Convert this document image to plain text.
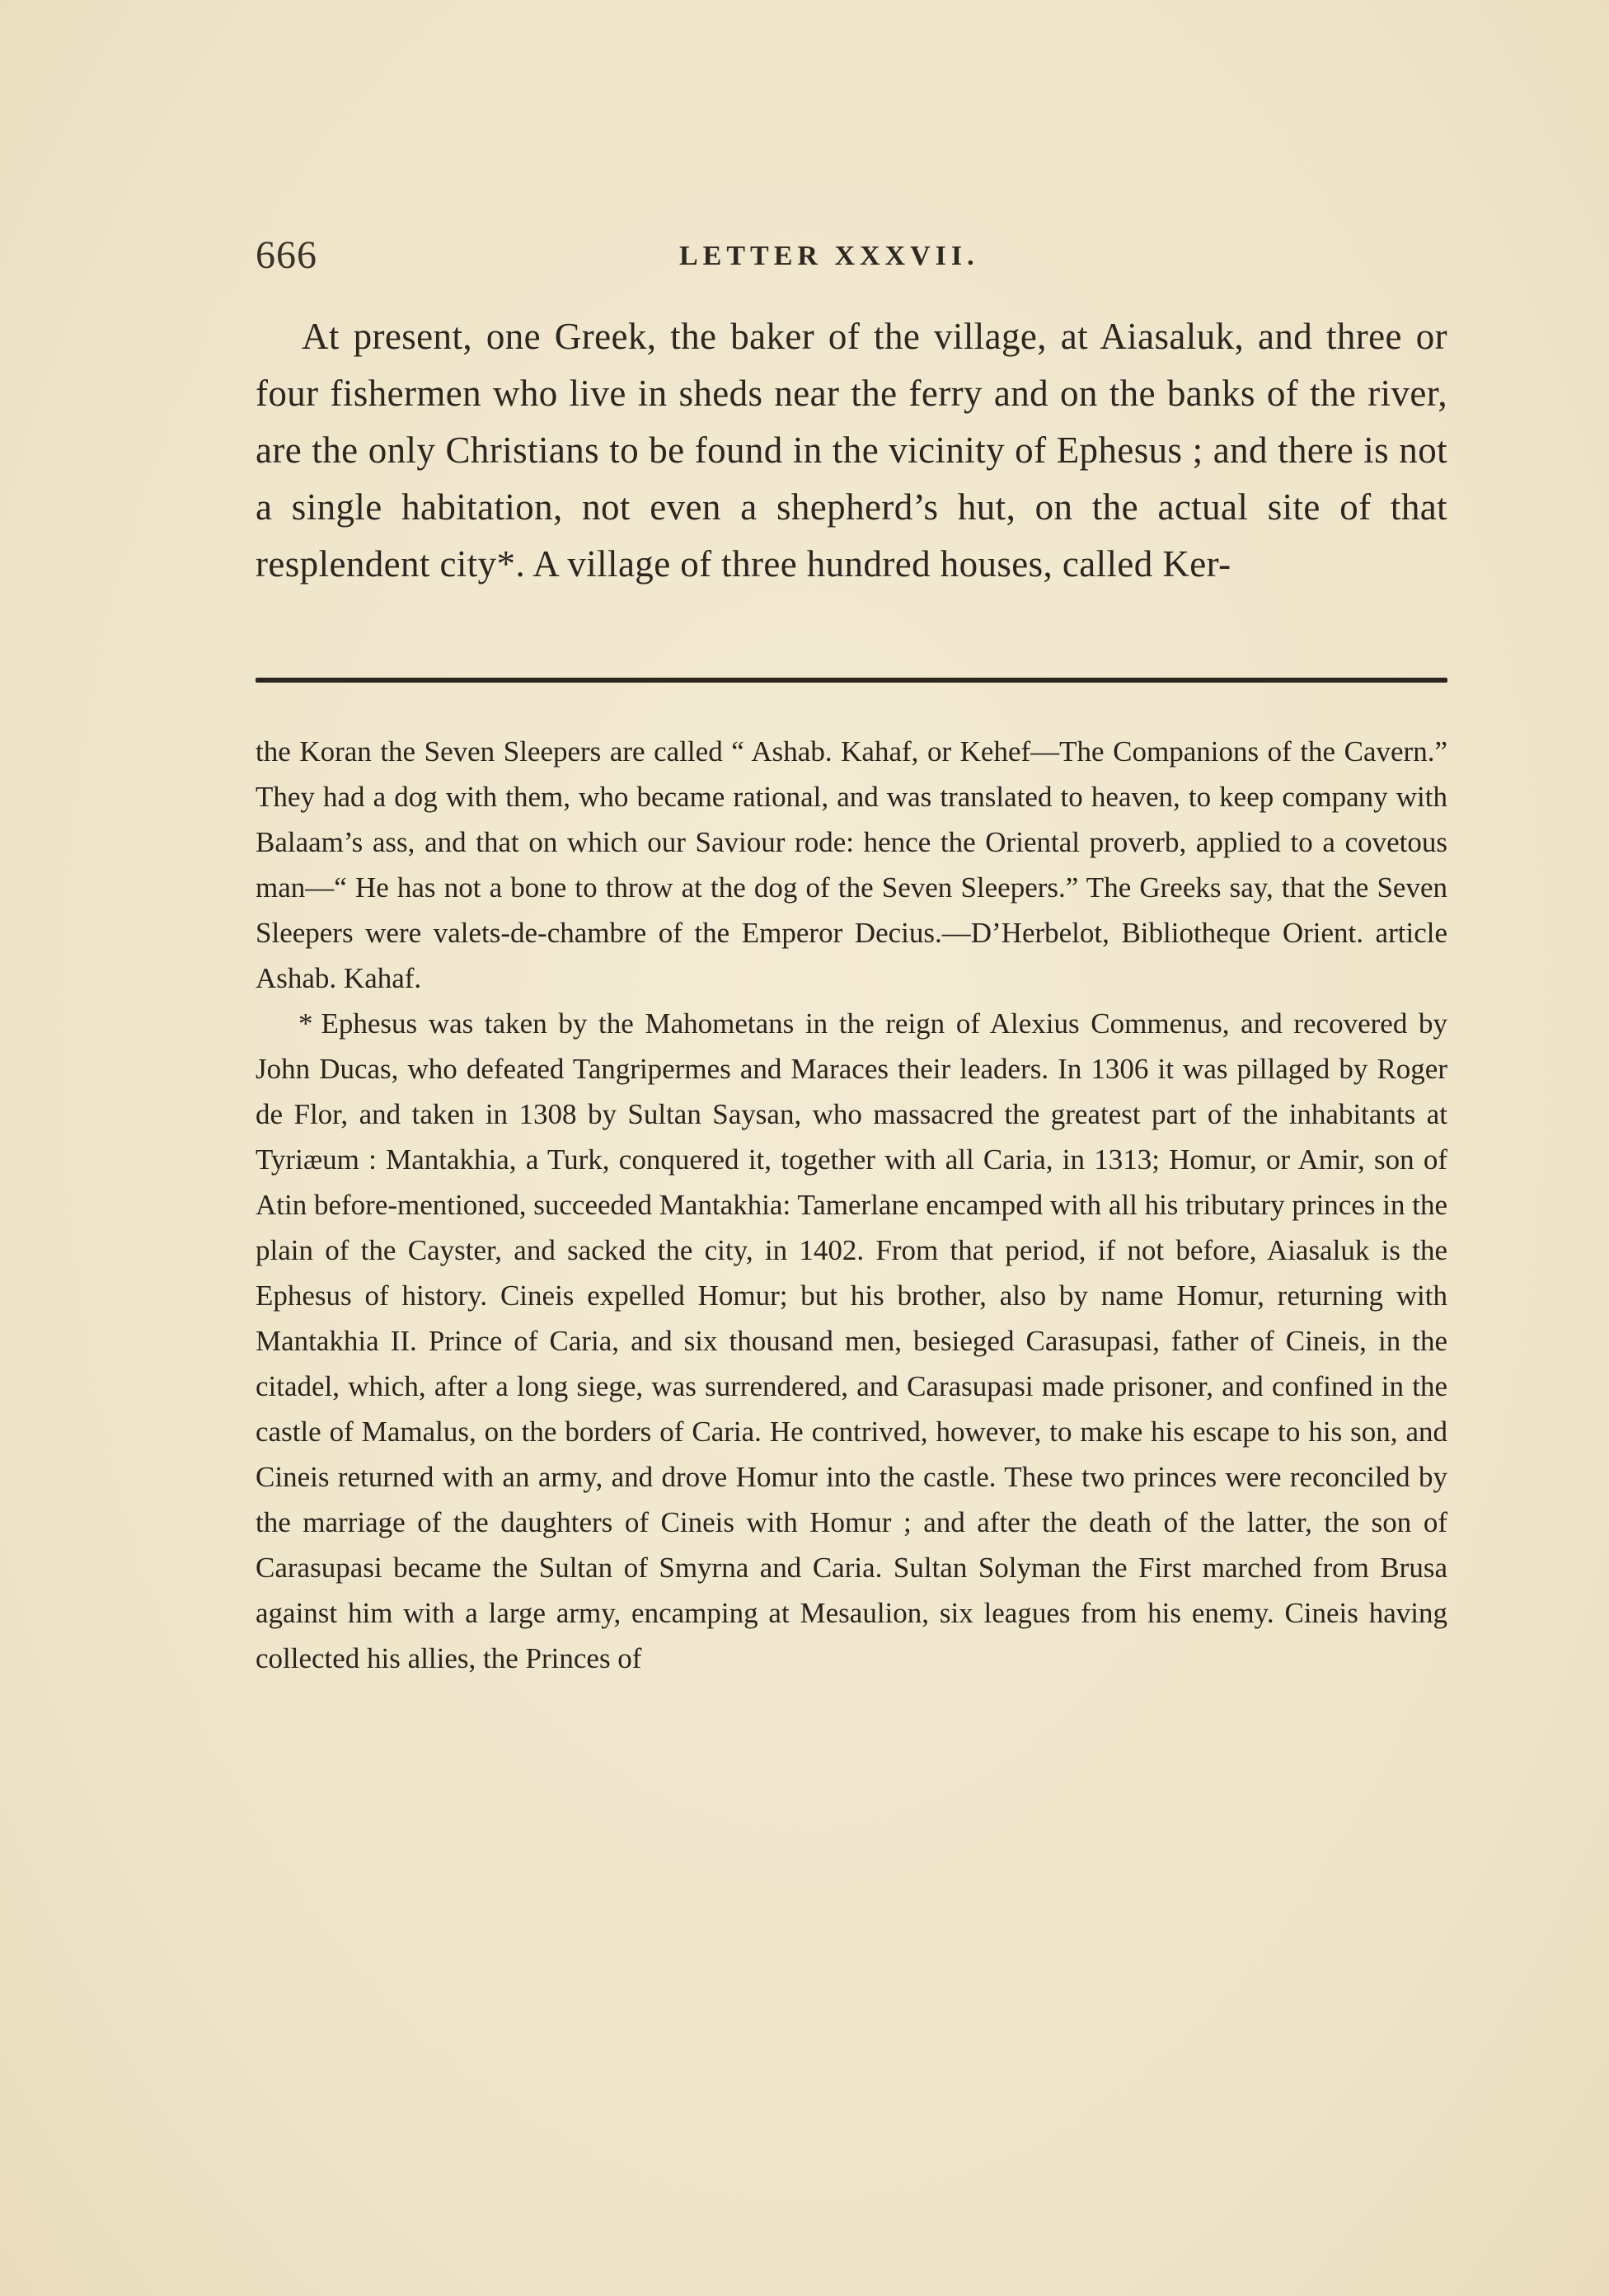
666	LETTER XXXVII.

At present, one Greek, the baker of the village, at Aiasaluk, and three or four fishermen who live in sheds near the ferry and on the banks of the river, are the only Christians to be found in the vicinity of Ephesus ; and there is not a single habitation, not even a shepherd’s hut, on the actual site of that resplendent city*. A village of three hundred houses, called Ker-

the Koran the Seven Sleepers are called “ Ashab. Kahaf, or Kehef—The Companions of the Cavern.” They had a dog with them, who became rational, and was translated to heaven, to keep company with Balaam’s ass, and that on which our Saviour rode: hence the Oriental proverb, applied to a covetous man—“ He has not a bone to throw at the dog of the Seven Sleepers.” The Greeks say, that the Seven Sleepers were valets-de-chambre of the Emperor Decius.—D’Herbelot, Bibliotheque Orient. article Ashab. Kahaf.

* Ephesus was taken by the Mahometans in the reign of Alexius Commenus, and recovered by John Ducas, who defeated Tangripermes and Maraces their leaders. In 1306 it was pillaged by Roger de Flor, and taken in 1308 by Sultan Saysan, who massacred the greatest part of the inhabitants at Tyriæum : Mantakhia, a Turk, conquered it, together with all Caria, in 1313; Homur, or Amir, son of Atin before-mentioned, succeeded Mantakhia: Tamerlane encamped with all his tributary princes in the plain of the Cayster, and sacked the city, in 1402. From that period, if not before, Aiasaluk is the Ephesus of history. Cineis expelled Homur; but his brother, also by name Homur, returning with Mantakhia II. Prince of Caria, and six thousand men, besieged Carasupasi, father of Cineis, in the citadel, which, after a long siege, was surrendered, and Carasupasi made prisoner, and confined in the castle of Mamalus, on the borders of Caria. He contrived, however, to make his escape to his son, and Cineis returned with an army, and drove Homur into the castle. These two princes were reconciled by the marriage of the daughters of Cineis with Homur ; and after the death of the latter, the son of Carasupasi became the Sultan of Smyrna and Caria. Sultan Solyman the First marched from Brusa against him with a large army, encamping at Mesaulion, six leagues from his enemy. Cineis having collected his allies, the Princes of
